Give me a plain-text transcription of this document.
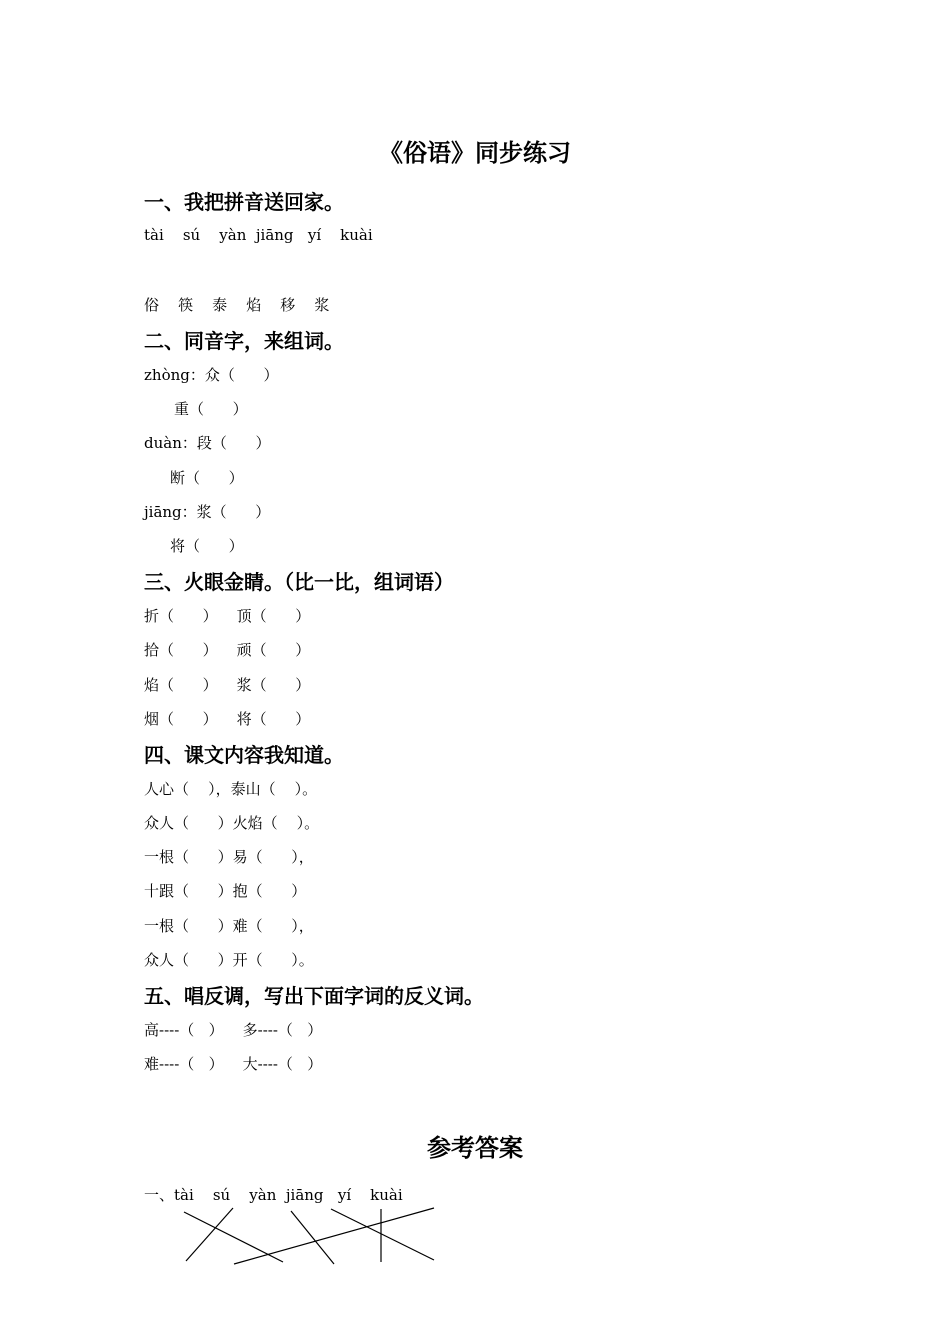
《俗语》同步练习
一、我把拼音送回家。
tài    sú    yàn  jiāng   yí    kuài
俗    筷    泰    焰    移    浆
二、同音字，来组词。
zhòng：众（      ）
重（      ）
duàn：段（      ）
断（      ）
jiāng：浆（      ）
将（      ）
三、火眼金睛。（比一比，组词语）
折（      ）    顶（      ）
拾（      ）    顽（      ）
焰（      ）    浆（      ）
烟（      ）    将（      ）
四、课文内容我知道。
人心（    ），泰山（    ）。
众人（      ）火焰（    ）。
一根（      ）易（      ），
十跟（      ）抱（      ）
一根（      ）难（      ），
众人（      ）开（      ）。
五、唱反调，写出下面字词的反义词。
高----（   ）    多----（   ）
难----（   ）    大----（   ）
参考答案
一、tài    sú    yàn  jiāng   yí    kuài
